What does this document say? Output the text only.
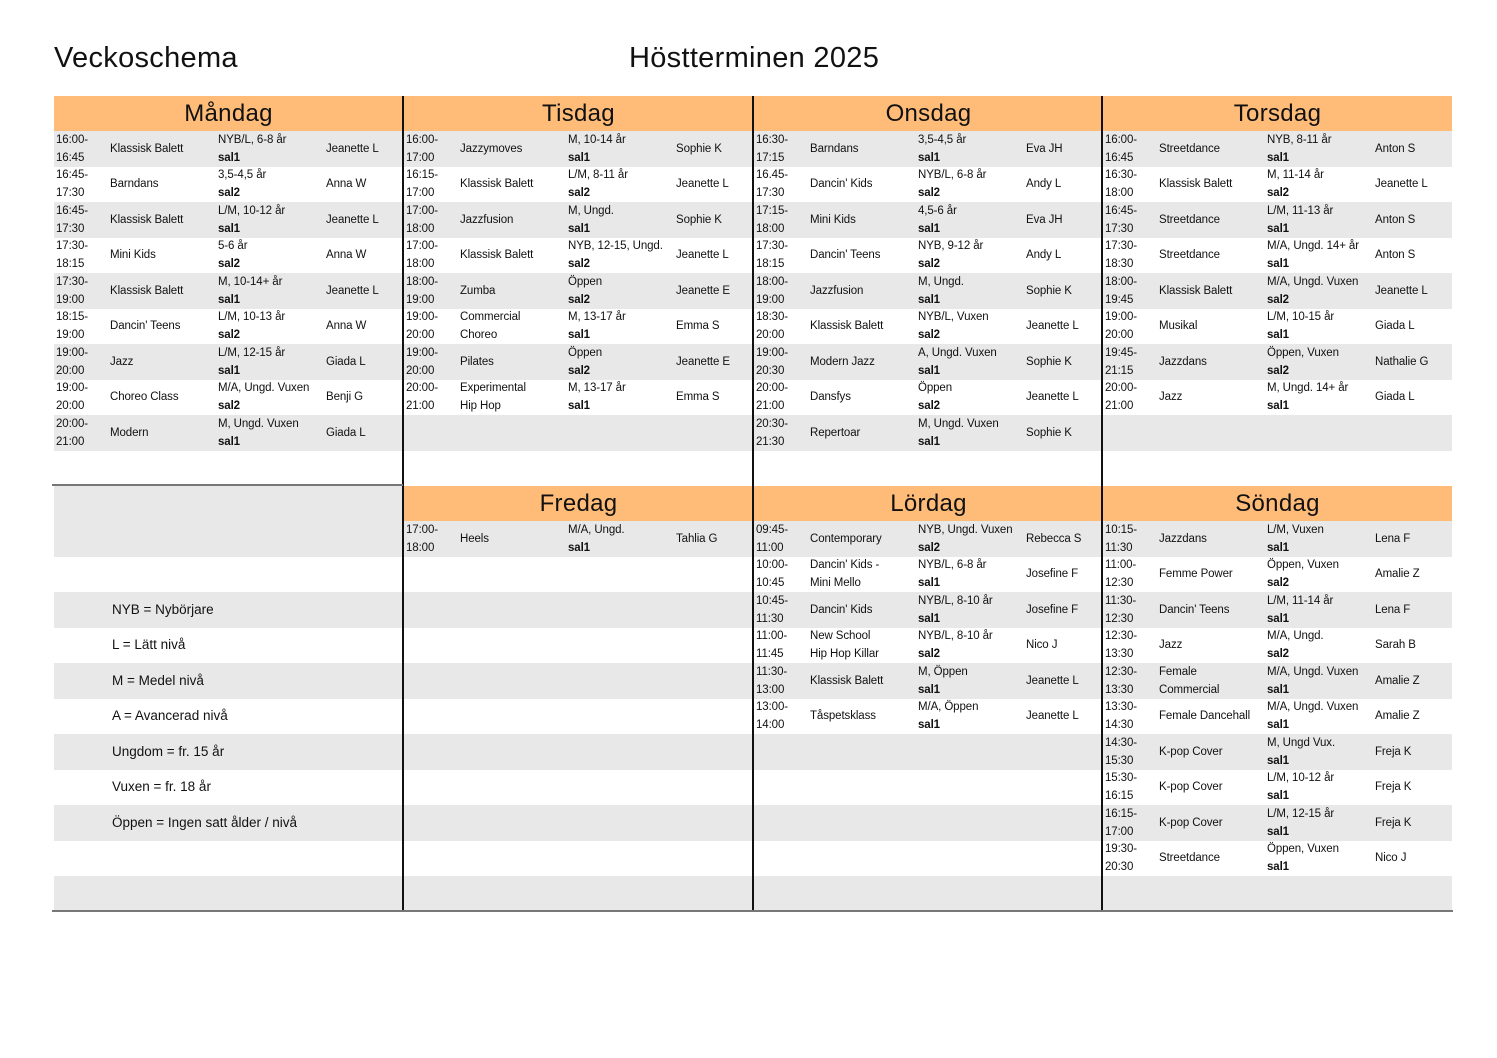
Veckoschema	Höstterminen 2025
Måndag
16:00-
16:45
Klassisk Balett
NYB/L, 6-8 år
sal1
Jeanette L
16:45-
17:30
Barndans
3,5-4,5 år
sal2
Anna W
16:45-
17:30
Klassisk Balett
L/M, 10-12 år
sal1
Jeanette L
17:30-
18:15
Mini Kids
5-6 år
sal2
Anna W
17:30-
19:00
Klassisk Balett
M, 10-14+ år
sal1
Jeanette L
18:15-
19:00
Dancin' Teens
L/M, 10-13 år
sal2
Anna W
19:00-
20:00
Jazz
L/M, 12-15 år
sal1
Giada L
19:00-
20:00
Choreo Class
M/A, Ungd. Vuxen
sal2
Benji G
20:00-
21:00
Modern
M, Ungd. Vuxen
sal1
Giada L
Tisdag
16:00-
17:00
Jazzymoves
M, 10-14 år
sal1
Sophie K
16:15-
17:00
Klassisk Balett
L/M, 8-11 år
sal2
Jeanette L
17:00-
18:00
Jazzfusion
M, Ungd.
sal1
Sophie K
17:00-
18:00
Klassisk Balett
NYB, 12-15, Ungd.
sal2
Jeanette L
18:00-
19:00
Zumba
Öppen
sal2
Jeanette E
19:00-
20:00
Commercial
Choreo
M, 13-17 år
sal1
Emma S
19:00-
20:00
Pilates
Öppen
sal2
Jeanette E
20:00-
21:00
Experimental
Hip Hop
M, 13-17 år
sal1
Emma S
Onsdag
16:30-
17:15
Barndans
3,5-4,5 år
sal1
Eva JH
16.45-
17:30
Dancin' Kids
NYB/L, 6-8 år
sal2
Andy L
17:15-
18:00
Mini Kids
4,5-6 år
sal1
Eva JH
17:30-
18:15
Dancin' Teens
NYB, 9-12 år
sal2
Andy L
18:00-
19:00
Jazzfusion
M, Ungd.
sal1
Sophie K
18:30-
20:00
Klassisk Balett
NYB/L, Vuxen
sal2
Jeanette L
19:00-
20:30
Modern Jazz
A, Ungd. Vuxen
sal1
Sophie K
20:00-
21:00
Dansfys
Öppen
sal2
Jeanette L
20:30-
21:30
Repertoar
M, Ungd. Vuxen
sal1
Sophie K
Torsdag
16:00-
16:45
Streetdance
NYB, 8-11 år
sal1
Anton S
16:30-
18:00
Klassisk Balett
M, 11-14 år
sal2
Jeanette L
16:45-
17:30
Streetdance
L/M, 11-13 år
sal1
Anton S
17:30-
18:30
Streetdance
M/A, Ungd. 14+ år
sal1
Anton S
18:00-
19:45
Klassisk Balett
M/A, Ungd. Vuxen
sal2
Jeanette L
19:00-
20:00
Musikal
L/M, 10-15 år
sal1
Giada L
19:45-
21:15
Jazzdans
Öppen, Vuxen
sal2
Nathalie G
20:00-
21:00
Jazz
M, Ungd. 14+ år
sal1
Giada L
NYB = Nybörjare
L = Lätt nivå
M = Medel nivå
A = Avancerad nivå
Ungdom = fr. 15 år
Vuxen = fr. 18 år
Öppen = Ingen satt ålder / nivå
Fredag
17:00-
18:00
Heels
M/A, Ungd.
sal1
Tahlia G
Lördag
09:45-
11:00
Contemporary
NYB, Ungd. Vuxen
sal2
Rebecca S
10:00-
10:45
Dancin' Kids -
Mini Mello
NYB/L, 6-8 år
sal1
Josefine F
10:45-
11:30
Dancin' Kids
NYB/L, 8-10 år
sal1
Josefine F
11:00-
11:45
New School
Hip Hop Killar
NYB/L, 8-10 år
sal2
Nico J
11:30-
13:00
Klassisk Balett
M, Öppen
sal1
Jeanette L
13:00-
14:00
Tåspetsklass
M/A, Öppen
sal1
Jeanette L
Söndag
10:15-
11:30
Jazzdans
L/M, Vuxen
sal1
Lena F
11:00-
12:30
Femme Power
Öppen, Vuxen
sal2
Amalie Z
11:30-
12:30
Dancin' Teens
L/M, 11-14 år
sal1
Lena F
12:30-
13:30
Jazz
M/A, Ungd.
sal2
Sarah B
12:30-
13:30
Female
Commercial
M/A, Ungd. Vuxen
sal1
Amalie Z
13:30-
14:30
Female Dancehall
M/A, Ungd. Vuxen
sal1
Amalie Z
14:30-
15:30
K-pop Cover
M, Ungd Vux.
sal1
Freja K
15:30-
16:15
K-pop Cover
L/M, 10-12 år
sal1
Freja K
16:15-
17:00
K-pop Cover
L/M, 12-15 år
sal1
Freja K
19:30-
20:30
Streetdance
Öppen, Vuxen
sal1
Nico J
